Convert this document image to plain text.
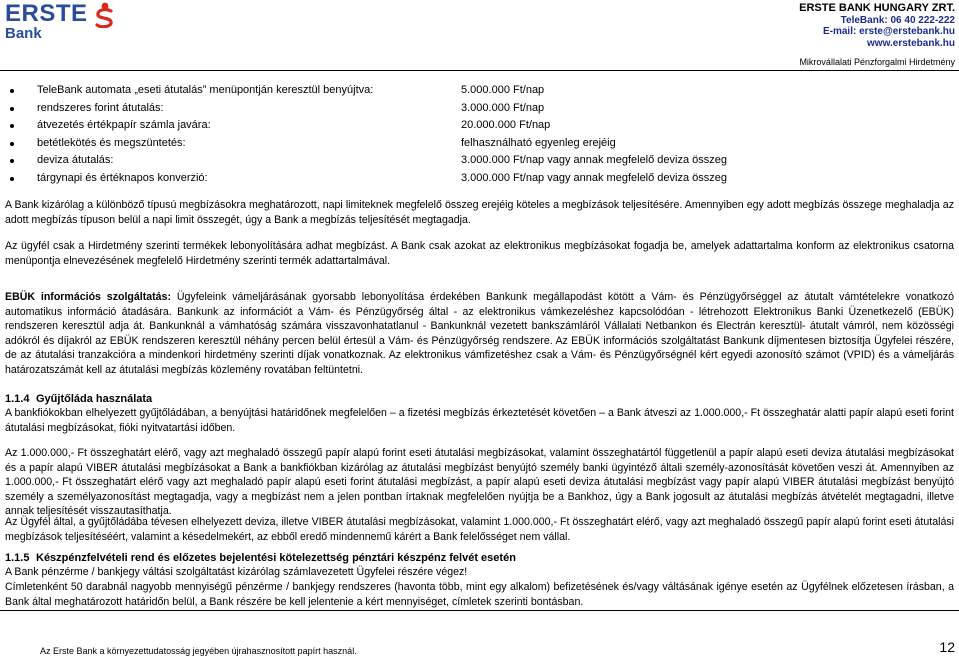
ERSTE
Bank
ERSTE BANK HUNGARY ZRT.
TeleBank: 06 40 222-222
E-mail: erste@erstebank.hu
www.erstebank.hu
Mikrovállalati Pénzforgalmi Hirdetmény
TeleBank automata „eseti átutalás” menüpontján keresztül benyújtva:	5.000.000 Ft/nap
rendszeres forint átutalás:	3.000.000 Ft/nap
átvezetés értékpapír számla javára:	20.000.000 Ft/nap
betétlekötés és megszüntetés:	felhasználható egyenleg erejéig
deviza átutalás:	3.000.000 Ft/nap vagy annak megfelelő deviza összeg
tárgynapi és értéknapos konverzió:	3.000.000 Ft/nap vagy annak megfelelő deviza összeg
A Bank kizárólag a különböző típusú megbízásokra meghatározott, napi limiteknek megfelelő összeg erejéig köteles a megbízások teljesítésére. Amennyiben egy adott megbízás összege meghaladja az adott megbízás típuson belül a napi limit összegét, úgy a Bank a megbízás teljesítését megtagadja.
Az ügyfél csak a Hirdetmény szerinti termékek lebonyolítására adhat megbízást. A Bank csak azokat az elektronikus megbízásokat fogadja be, amelyek adattartalma konform az elektronikus csatorna menüpontja elnevezésének megfelelő Hirdetmény szerinti termék adattartalmával.
EBÜK információs szolgáltatás: Ügyfeleink vámeljárásának gyorsabb lebonyolítása érdekében Bankunk megállapodást kötött a Vám- és Pénzügyőrséggel az átutalt vámtételekre vonatkozó automatikus információ átadására. Bankunk az információt a Vám- és Pénzügyőrség által - az elektronikus vámkezeléshez kapcsolódóan - létrehozott Elektronikus Banki Üzenetkezelő (EBÜK) rendszeren keresztül adja át. Bankunknál a vámhatóság számára visszavonhatatlanul - Bankunknál vezetett bankszámláról Vállalati Netbankon és Electrán keresztül- átutalt vámról, nem közösségi adókról és díjakról az EBÜK rendszeren keresztül néhány percen belül értesül a Vám- és Pénzügyőrség rendszere. Az EBÜK információs szolgáltatást Bankunk díjmentesen biztosítja Ügyfelei részére, de az átutalási tranzakcióra a mindenkori hirdetmény szerinti díjak vonatkoznak. Az elektronikus vámfizetéshez csak a Vám- és Pénzügyőrségnél kért egyedi azonosító számot (VPID) és a vámeljárás határozatszámát kell az átutalási megbízás közlemény rovatában feltüntetni.
1.1.4 Gyűjtőláda használata
A bankfiókokban elhelyezett gyűjtőládában, a benyújtási határidőnek megfelelően – a fizetési megbízás érkeztetését követően – a Bank átveszi az 1.000.000,- Ft összeghatár alatti papír alapú eseti forint átutalási megbízásokat, fióki nyitvatartási időben.
Az 1.000.000,- Ft összeghatárt elérő, vagy azt meghaladó összegű papír alapú forint eseti átutalási megbízásokat, valamint összeghatártól függetlenül a papír alapú eseti deviza átutalási megbízásokat és a papír alapú VIBER átutalási megbízásokat a Bank a bankfiókban kizárólag az átutalási megbízást benyújtó személy banki ügyintéző általi személy-azonosítását követően veszi át. Amennyiben az 1.000.000,- Ft összeghatárt elérő vagy azt meghaladó papír alapú eseti forint átutalási megbízást, a papír alapú eseti deviza átutalási megbízást vagy papír alapú VIBER átutalási megbízást benyújtó személy a személyazonosítást megtagadja, vagy a megbízást nem a jelen pontban írtaknak megfelelően nyújtja be a Bankhoz, úgy a Bank jogosult az átutalási megbízás átvételét megtagadni, illetve annak teljesítését visszautasíthatja.
Az Ügyfél által, a gyűjtőládába tévesen elhelyezett deviza, illetve VIBER átutalási megbízásokat, valamint 1.000.000,- Ft összeghatárt elérő, vagy azt meghaladó összegű papír alapú forint eseti átutalási megbízások teljesítéséért, valamint a késedelmekért, az ebből eredő mindennemű kárért a Bank felelősséget nem vállal.
1.1.5 Készpénzfelvételi rend és előzetes bejelentési kötelezettség pénztári készpénz felvét esetén
A Bank pénzérme / bankjegy váltási szolgáltatást kizárólag számlavezetett Ügyfelei részére végez!
Címletenként 50 darabnál nagyobb mennyiségű pénzérme / bankjegy rendszeres (havonta több, mint egy alkalom) befizetésének és/vagy váltásának igénye esetén az Ügyfélnek előzetesen írásban, a Bank által meghatározott határidőn belül, a Bank részére be kell jelentenie a kért mennyiséget, címletek szerinti bontásban.
Az Erste Bank a környezettudatosság jegyében újrahasznosított papírt használ.	12
